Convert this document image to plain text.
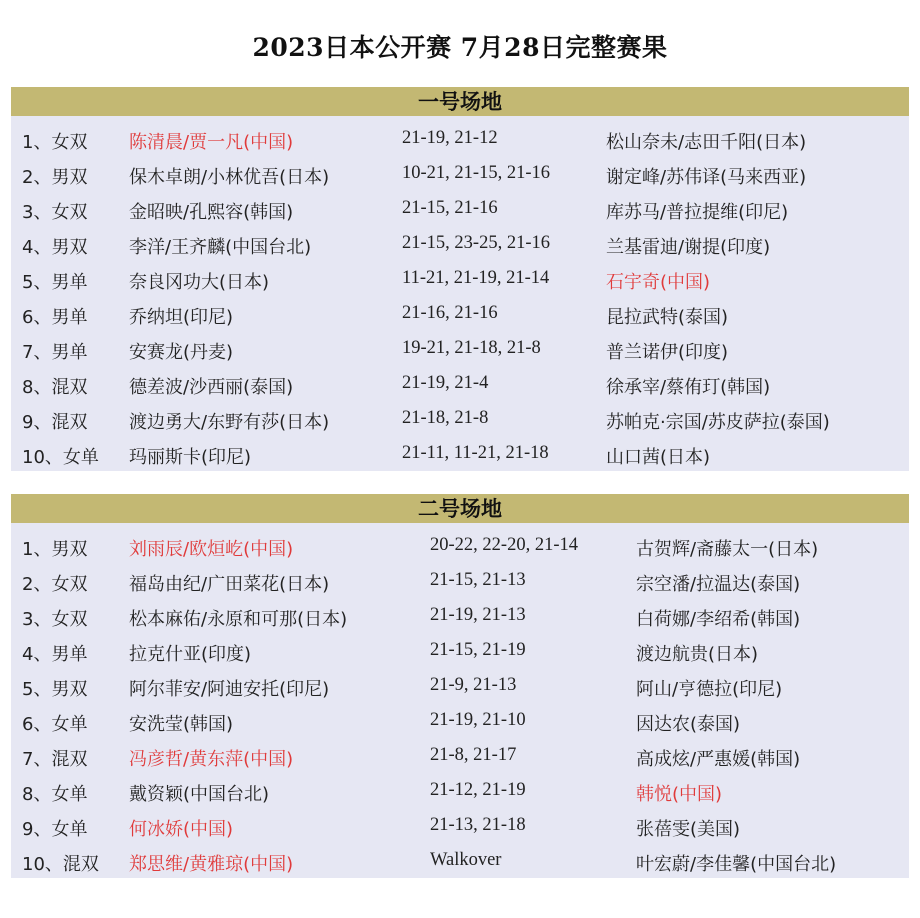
2023日本公开赛 7月28日完整赛果
一号场地
1、女双 陈清晨/贾一凡(中国)	21-19, 21-12	松山奈未/志田千阳(日本)
2、男双 保木卓朗/小林优吾(日本)	10-21, 21-15, 21-16	谢定峰/苏伟译(马来西亚)
3、女双 金昭映/孔熙容(韩国)	21-15, 21-16	库苏马/普拉提维(印尼)
4、男双 李洋/王齐麟(中国台北)	21-15, 23-25, 21-16	兰基雷迪/谢提(印度)
5、男单 奈良冈功大(日本)	11-21, 21-19, 21-14	石宇奇(中国)
6、男单 乔纳坦(印尼)	21-16, 21-16	昆拉武特(泰国)
7、男单 安赛龙(丹麦)	19-21, 21-18, 21-8	普兰诺伊(印度)
8、混双 德差波/沙西丽(泰国)	21-19, 21-4	徐承宰/蔡侑玎(韩国)
9、混双 渡边勇大/东野有莎(日本)	21-18, 21-8	苏帕克·宗国/苏皮萨拉(泰国)
10、女单 玛丽斯卡(印尼)	21-11, 11-21, 21-18	山口茜(日本)
二号场地
1、男双 刘雨辰/欧烜屹(中国)	20-22, 22-20, 21-14	古贺辉/斋藤太一(日本)
2、女双 福岛由纪/广田菜花(日本)	21-15, 21-13	宗空潘/拉温达(泰国)
3、女双 松本麻佑/永原和可那(日本)	21-19, 21-13	白荷娜/李绍希(韩国)
4、男单 拉克什亚(印度)	21-15, 21-19	渡边航贵(日本)
5、男双 阿尔菲安/阿迪安托(印尼)	21-9, 21-13	阿山/亨德拉(印尼)
6、女单 安洗莹(韩国)	21-19, 21-10	因达农(泰国)
7、混双 冯彦哲/黄东萍(中国)	21-8, 21-17	高成炫/严惠媛(韩国)
8、女单 戴资颖(中国台北)	21-12, 21-19	韩悦(中国)
9、女单 何冰娇(中国)	21-13, 21-18	张蓓雯(美国)
10、混双 郑思维/黄雅琼(中国)	Walkover	叶宏蔚/李佳馨(中国台北)
